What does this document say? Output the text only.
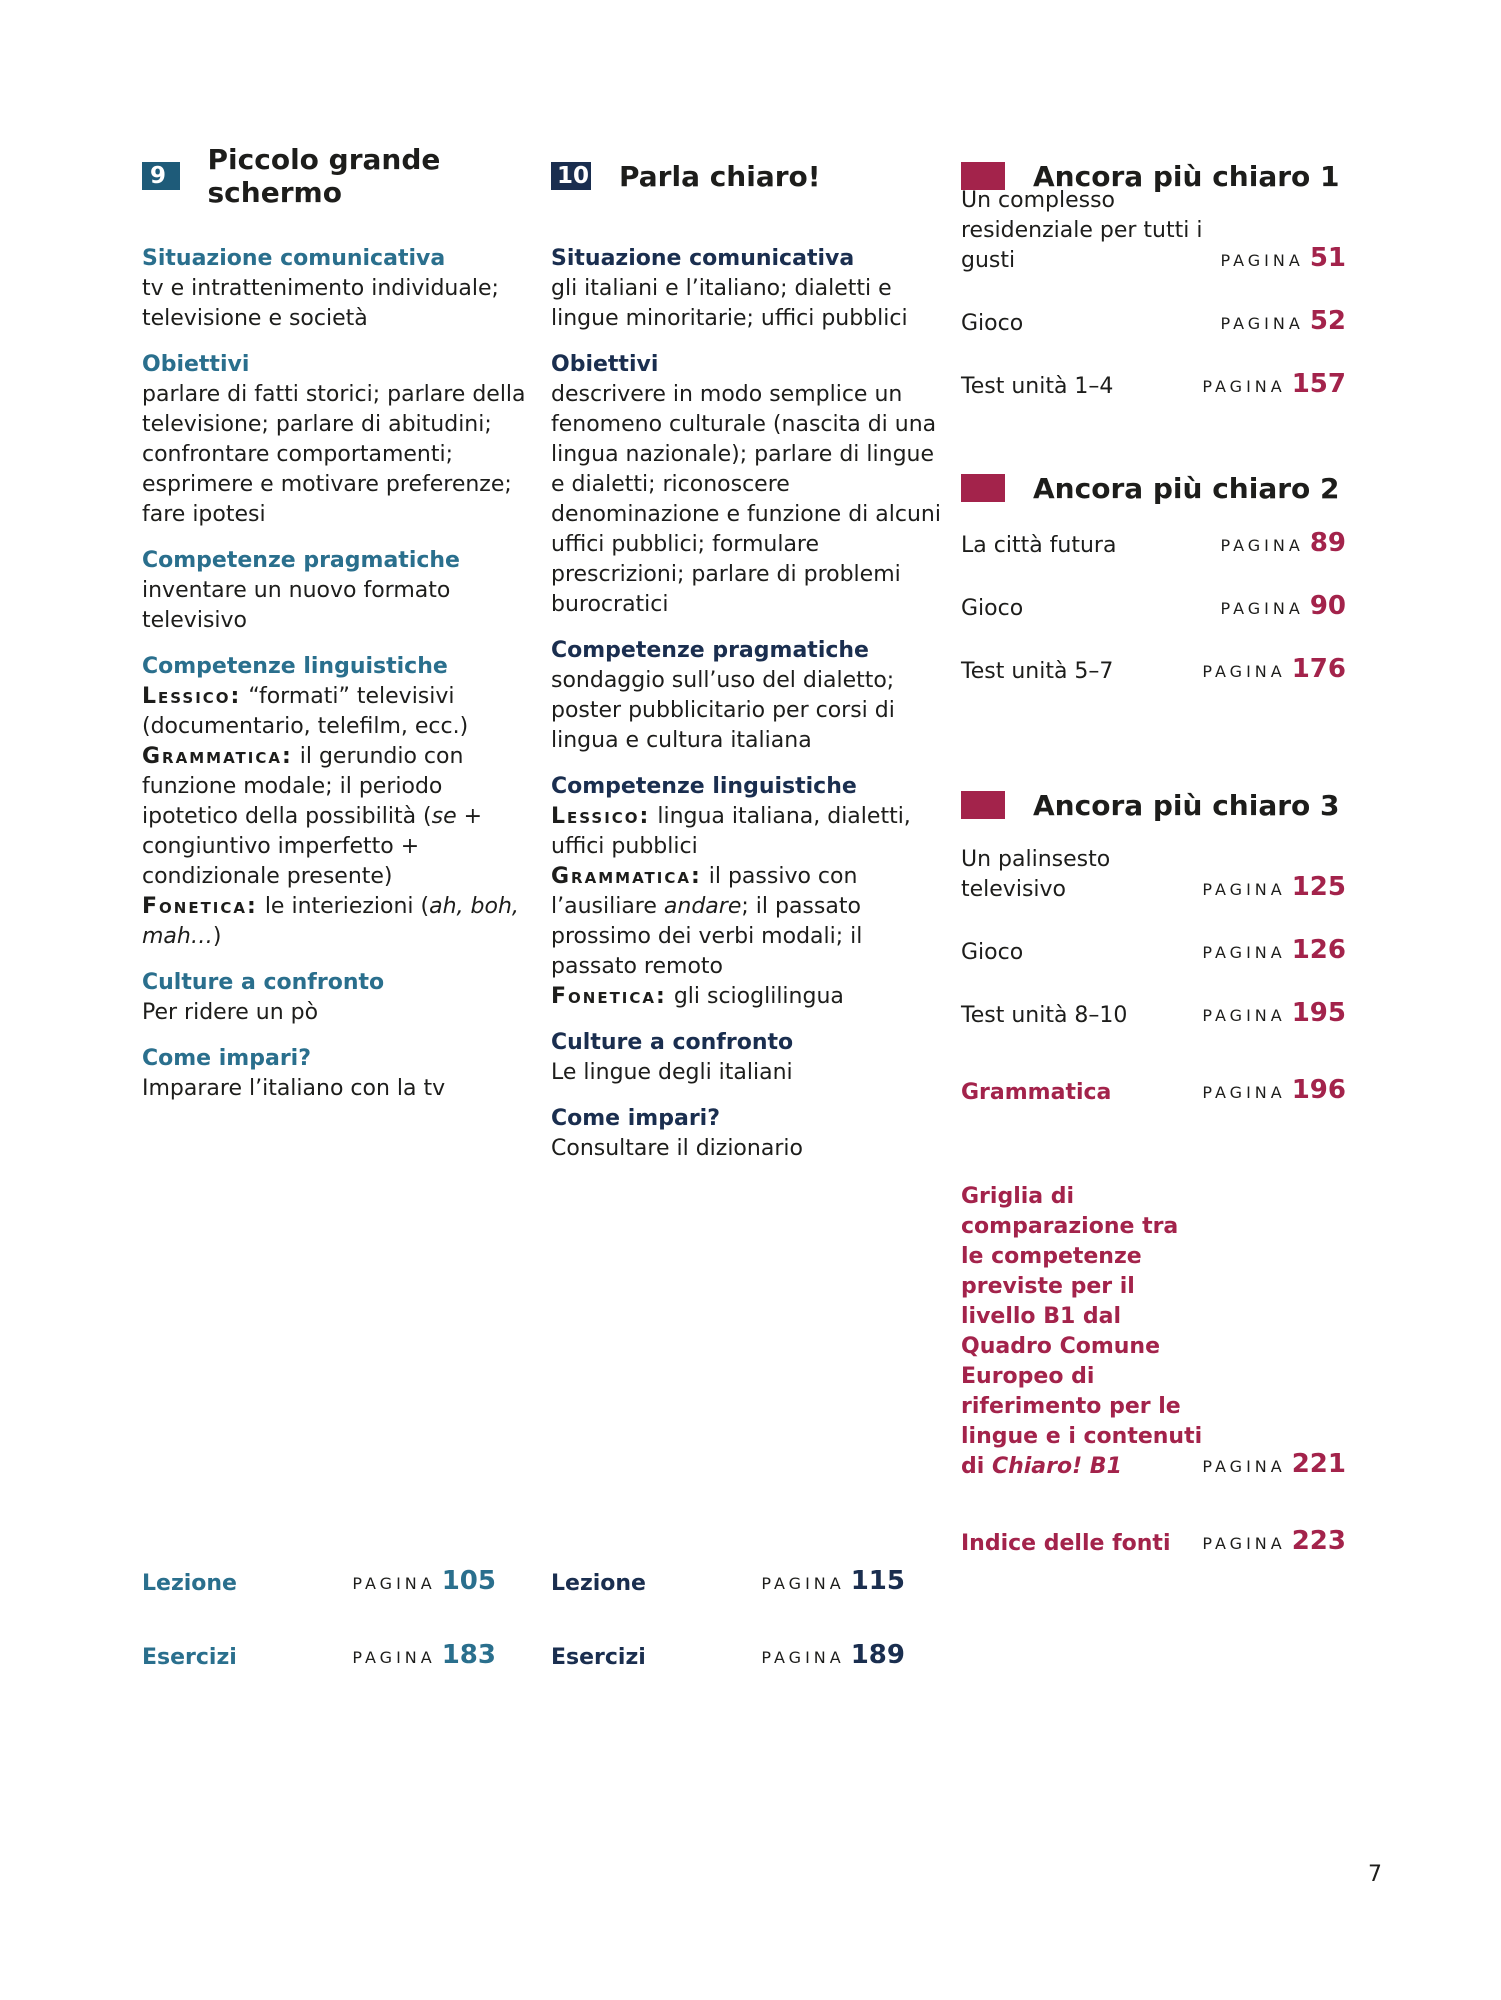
9	Piccolo grande schermo
Situazione comunicativa
tv e intrattenimento individuale; televisione e società
Obiettivi
parlare di fatti storici; parlare della televisione; parlare di abitudini; confrontare comportamenti; esprimere e motivare preferenze; fare ipotesi
Competenze pragmatiche
inventare un nuovo formato televisivo
Competenze linguistiche
Lessico: “formati” televisivi (documentario, telefilm, ecc.)
Grammatica: il gerundio con funzione modale; il periodo ipotetico della possibilità (se + congiuntivo imperfetto + condizionale presente)
Fonetica: le interiezioni (ah, boh, mah…)
Culture a confronto
Per ridere un pò
Come impari?
Imparare l’italiano con la tv
10 Parla chiaro!
Situazione comunicativa
gli italiani e l’italiano; dialetti e lingue minoritarie; uffici pubblici
Obiettivi
descrivere in modo semplice un fenomeno culturale (nascita di una lingua nazionale); parlare di lingue e dialetti; riconoscere denominazione e funzione di alcuni uffici pubblici; formulare prescrizioni; parlare di problemi burocratici
Competenze pragmatiche
sondaggio sull’uso del dialetto; poster pubblicitario per corsi di lingua e cultura italiana
Competenze linguistiche
Lessico: lingua italiana, dialetti, uffici pubblici
Grammatica: il passivo con l’ausiliare andare; il passato prossimo dei verbi modali; il passato remoto
Fonetica: gli scioglilingua
Culture a confronto
Le lingue degli italiani
Come impari?
Consultare il dizionario
Ancora più chiaro 1
Un complesso residenziale per tutti i gusti	PAGINA 51
Gioco	PAGINA 52
Test unità 1–4	PAGINA 157
Ancora più chiaro 2
La città futura	PAGINA 89
Gioco	PAGINA 90
Test unità 5–7	PAGINA 176
Ancora più chiaro 3
Un palinsesto televisivo	PAGINA 125
Gioco	PAGINA 126
Test unità 8–10	PAGINA 195
Grammatica	PAGINA 196
Griglia di comparazione tra le competenze previste per il livello B1 dal Quadro Comune Europeo di riferimento per le lingue e i contenuti di Chiaro! B1	PAGINA 221
Indice delle fonti PAGINA 223
Lezione	PAGINA 105
Esercizi	PAGINA 183
Lezione	PAGINA 115
Esercizi	PAGINA 189
7
